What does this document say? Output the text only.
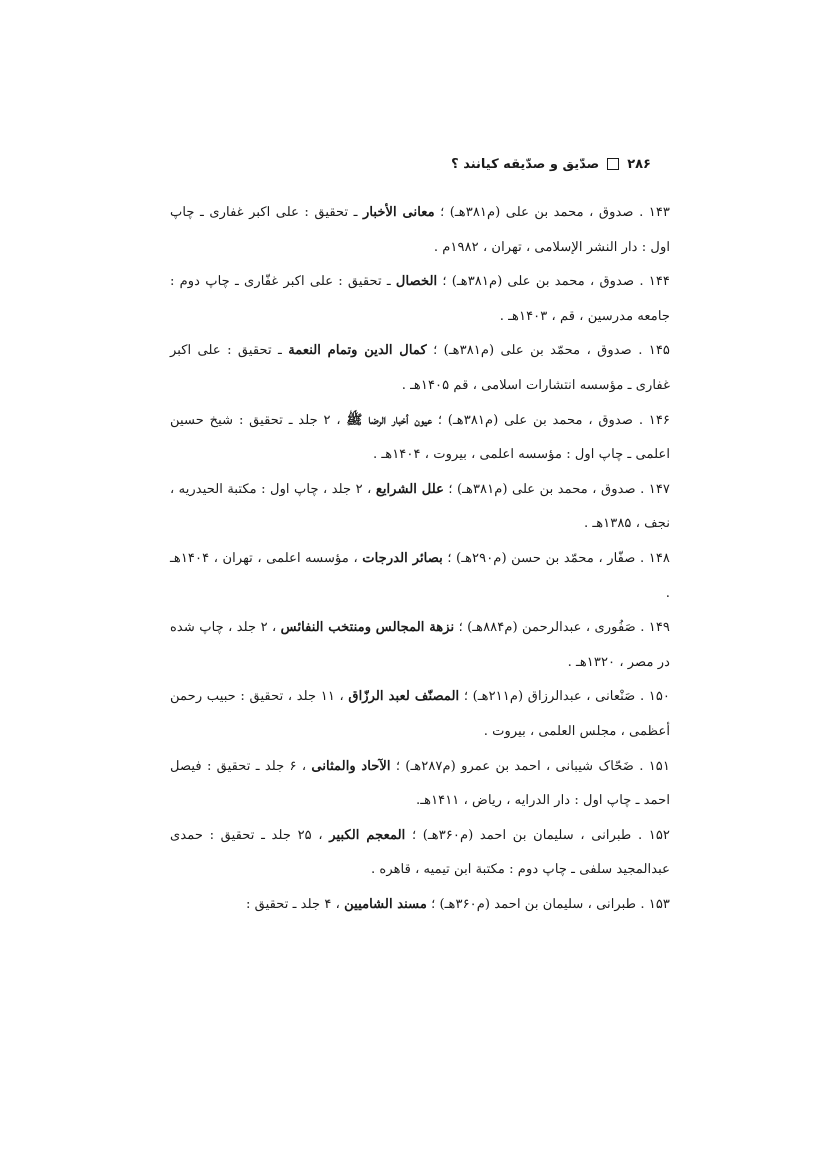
۲۸۶
صدّیق و صدّیقه کیانند ؟

۱۴۳ . صدوق ، محمد بن علی (م۳۸۱هـ) ؛ معانی الأخبار ـ تحقیق : علی اکبر غفاری ـ چاپ اول : دار النشر الإسلامی ، تهران ، ۱۹۸۲م .

۱۴۴ . صدوق ، محمد بن علی (م۳۸۱هـ) ؛ الخصال ـ تحقیق : علی اکبر غفّاری ـ چاپ دوم : جامعه مدرسین ، قم ، ۱۴۰۳هـ .

۱۴۵ . صدوق ، محمّد بن علی (م۳۸۱هـ) ؛ کمال الدین وتمام النعمة ـ تحقیق : علی اکبر غفاری ـ مؤسسه انتشارات اسلامی ، قم ۱۴۰۵هـ .

۱۴۶ . صدوق ، محمد بن علی (م۳۸۱هـ) ؛ عیون أخبار الرضا ﷺ ، ۲ جلد ـ تحقیق : شیخ حسین اعلمی ـ چاپ اول : مؤسسه اعلمی ، بیروت ، ۱۴۰۴هـ .

۱۴۷ . صدوق ، محمد بن علی (م۳۸۱هـ) ؛ علل الشرایع ، ۲ جلد ، چاپ اول : مکتبة الحیدریه ، نجف ، ۱۳۸۵هـ .

۱۴۸ . صفّار ، محمّد بن حسن (م۲۹۰هـ) ؛ بصائر الدرجات ، مؤسسه اعلمی ، تهران ، ۱۴۰۴هـ .

۱۴۹ . صَفُوری ، عبدالرحمن (م۸۸۴هـ) ؛ نزهة المجالس ومنتخب النفائس ، ۲ جلد ، چاپ شده در مصر ، ۱۳۲۰هـ .

۱۵۰ . صَنْعانی ، عبدالرزاق (م۲۱۱هـ) ؛ المصنّف لعبد الرزّاق ، ۱۱ جلد ، تحقیق : حبیب رحمن أعظمی ، مجلس العلمی ، بیروت .

۱۵۱ . ضَحّاک شیبانی ، احمد بن عمرو (م۲۸۷هـ) ؛ الآحاد والمثانی ، ۶ جلد ـ تحقیق : فیصل احمد ـ چاپ اول : دار الدرایه ، ریاض ، ۱۴۱۱هـ.

۱۵۲ . طبرانی ، سلیمان بن احمد (م۳۶۰هـ) ؛ المعجم الکبیر ، ۲۵ جلد ـ تحقیق : حمدی عبدالمجید سلفی ـ چاپ دوم : مکتبة ابن تیمیه ، قاهره .

۱۵۳ . طبرانی ، سلیمان بن احمد (م۳۶۰هـ) ؛ مسند الشامیین ، ۴ جلد ـ تحقیق :
